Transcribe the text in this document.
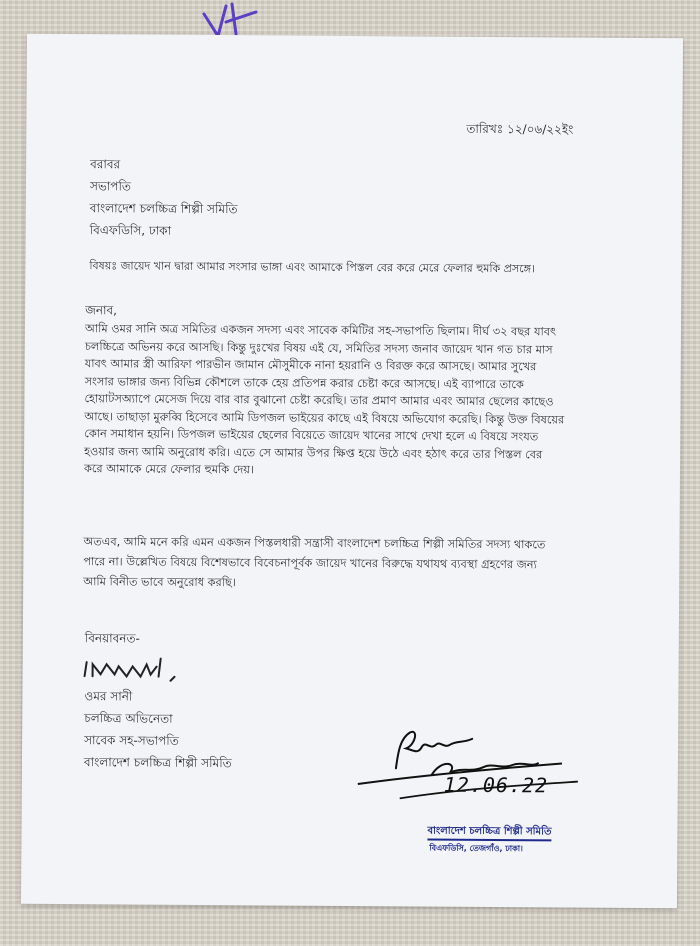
তারিখঃ ১২/০৬/২২ইং
বরাবর
সভাপতি
বাংলাদেশ চলচ্চিত্র শিল্পী সমিতি
বিএফডিসি, ঢাকা
বিষয়ঃ জায়েদ খান দ্বারা আমার সংসার ভাঙ্গা এবং আমাকে পিস্তল বের করে মেরে ফেলার হুমকি প্রসঙ্গে।
জনাব,
আমি ওমর সানি অত্র সমিতির একজন সদস্য এবং সাবেক কমিটির সহ-সভাপতি ছিলাম। দীর্ঘ ৩২ বছর যাবৎ
চলচ্চিত্রে অভিনয় করে আসছি। কিন্তু দুঃখের বিষয় এই যে, সমিতির সদস্য জনাব জায়েদ খান গত চার মাস
যাবৎ আমার স্ত্রী আরিফা পারভীন জামান মৌসুমীকে নানা হয়রানি ও বিরক্ত করে আসছে। আমার সুখের
সংসার ভাঙ্গার জন্য বিভিন্ন কৌশলে তাকে হেয় প্রতিপন্ন করার চেষ্টা করে আসছে। এই ব্যাপারে তাকে
হোয়াটসঅ্যাপে মেসেজ দিয়ে বার বার বুঝানো চেষ্টা করেছি। তার প্রমাণ আমার এবং আমার ছেলের কাছেও
আছে। তাছাড়া মুরুব্বি হিসেবে আমি ডিপজল ভাইয়ের কাছে এই বিষয়ে অভিযোগ করেছি। কিন্তু উক্ত বিষয়ের
কোন সমাধান হয়নি। ডিপজল ভাইয়ের ছেলের বিয়েতে জায়েদ খানের সাথে দেখা হলে এ বিষয়ে সংযত
হওয়ার জন্য আমি অনুরোধ করি। এতে সে আমার উপর ক্ষিপ্ত হয়ে উঠে এবং হঠাৎ করে তার পিস্তল বের
করে আমাকে মেরে ফেলার হুমকি দেয়।
অতএব, আমি মনে করি এমন একজন পিস্তলধারী সন্ত্রাসী বাংলাদেশ চলচ্চিত্র শিল্পী সমিতির সদস্য থাকতে
পারে না। উল্লেখিত বিষয়ে বিশেষভাবে বিবেচনাপূর্বক জায়েদ খানের বিরুদ্ধে যথাযথ ব্যবস্থা গ্রহণের জন্য
আমি বিনীত ভাবে অনুরোধ করছি।
বিনয়াবনত-
ওমর সানী
চলচ্চিত্র অভিনেতা
সাবেক সহ-সভাপতি
বাংলাদেশ চলচ্চিত্র শিল্পী সমিতি
12.06.22
বাংলাদেশ চলচ্চিত্র শিল্পী সমিতি
বিএফডিসি, তেজগাঁও, ঢাকা।
